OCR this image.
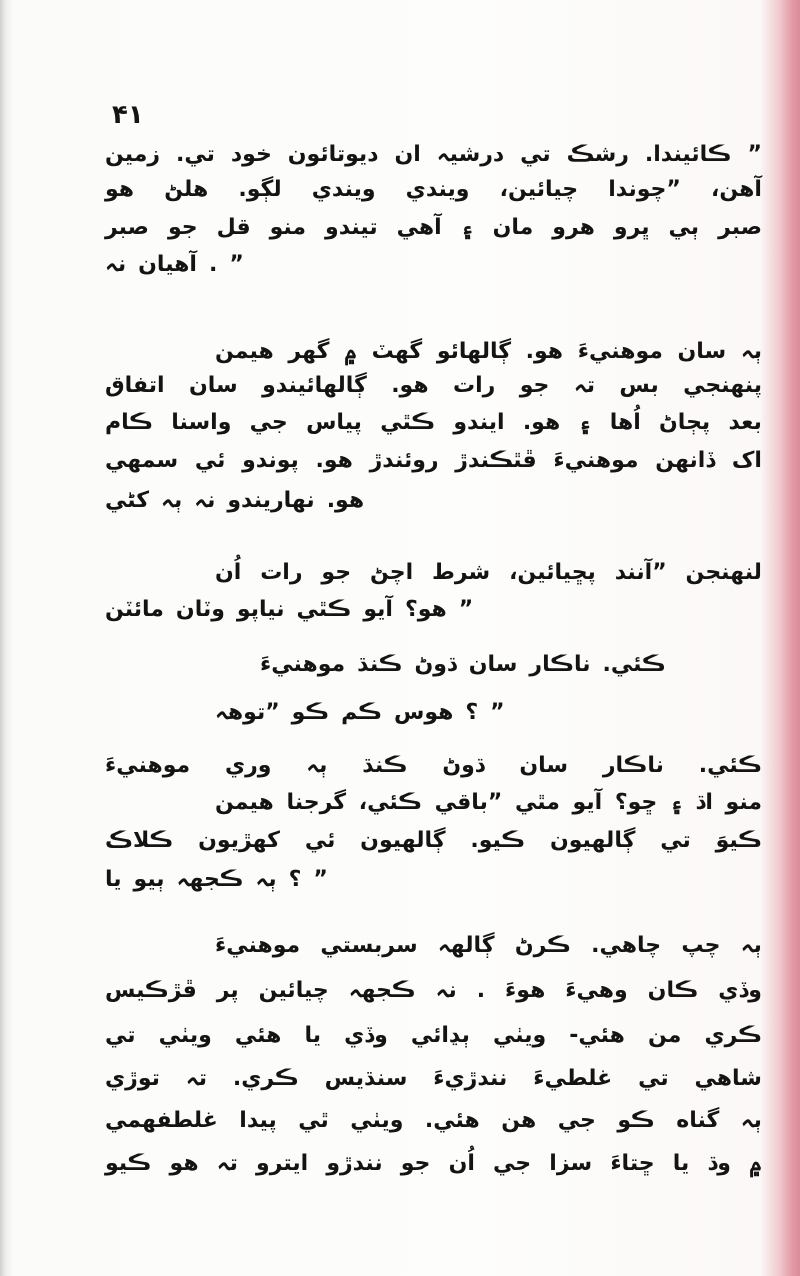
۴۱
زمين تي. خود ديوتائون ان درشيہ تي رشڪ ڪائيندا. ”
هو هلڻ لڳو. ويندي ويندي چيائين، ”چوندا آهن،
صبر جو قل منو تيندو آهي ۽ مان هرو ڀرو ٻي صبر
نہ آهيان . ”
هيمن گهر ۾ گهٽ ڳالهائو هو. موهنيءَ سان ٻہ
اتفاق سان ڳالهائيندو هو. رات جو تہ بس پنهنجي
ڪام واسنا جي پياس ڪٿي ايندو هو. ۽ اُها پڄاڻ بعد
سمهي ئي پوندو هو. روئندڙ ڦٿڪندڙ موهنيءَ ڏانهن اک
کڻي ٻہ نہ نهاريندو هو.
اُن رات جو اچڻ شرط پڇيائين، ”آنند لنهنجن
مائٽن وٽان نياپو ڪٿي آيو هو؟ ”
موهنيءَ ڪنڌ ڌوڻ سان ناڪار ڪئي.
”توهہ ڪو ڪم هوس ؟ ”
موهنيءَ وري ٻہ ڪنڌ ڌوڻ سان ناڪار ڪئي.
هيمن گرجنا ڪئي، ”باقي مٿي آيو ڇو؟ ۽ اڌ منو
ڪلاڪ کهڙيون ئي ڳالهيون ڪيو. ڳالهيون تي ڪيوَ
يا ٻيو ڪجهہ ٻہ ؟ ”
موهنيءَ سربستي ڳالهہ ڪرڻ چاهي. چپ ٻہ
ڦڙڪيس پر چيائين ڪجهہ نہ . هوءَ وهيءَ ڪان وڏي
تي ويٺي هئي يا وڏي ٻڍائي ويٺي هئي- من ڪري
توڙي تہ ڪري. سنڌيس نندڙيءَ غلطيءَ تي شاهي
غلطفهمي پيدا ٿي ويٺي هئي. هن جي ڪو گناه ٻہ
ڪيو هو تہ ايترو نندڙو جو اُن جي سزا ڇتاءَ يا وڌ ۾
